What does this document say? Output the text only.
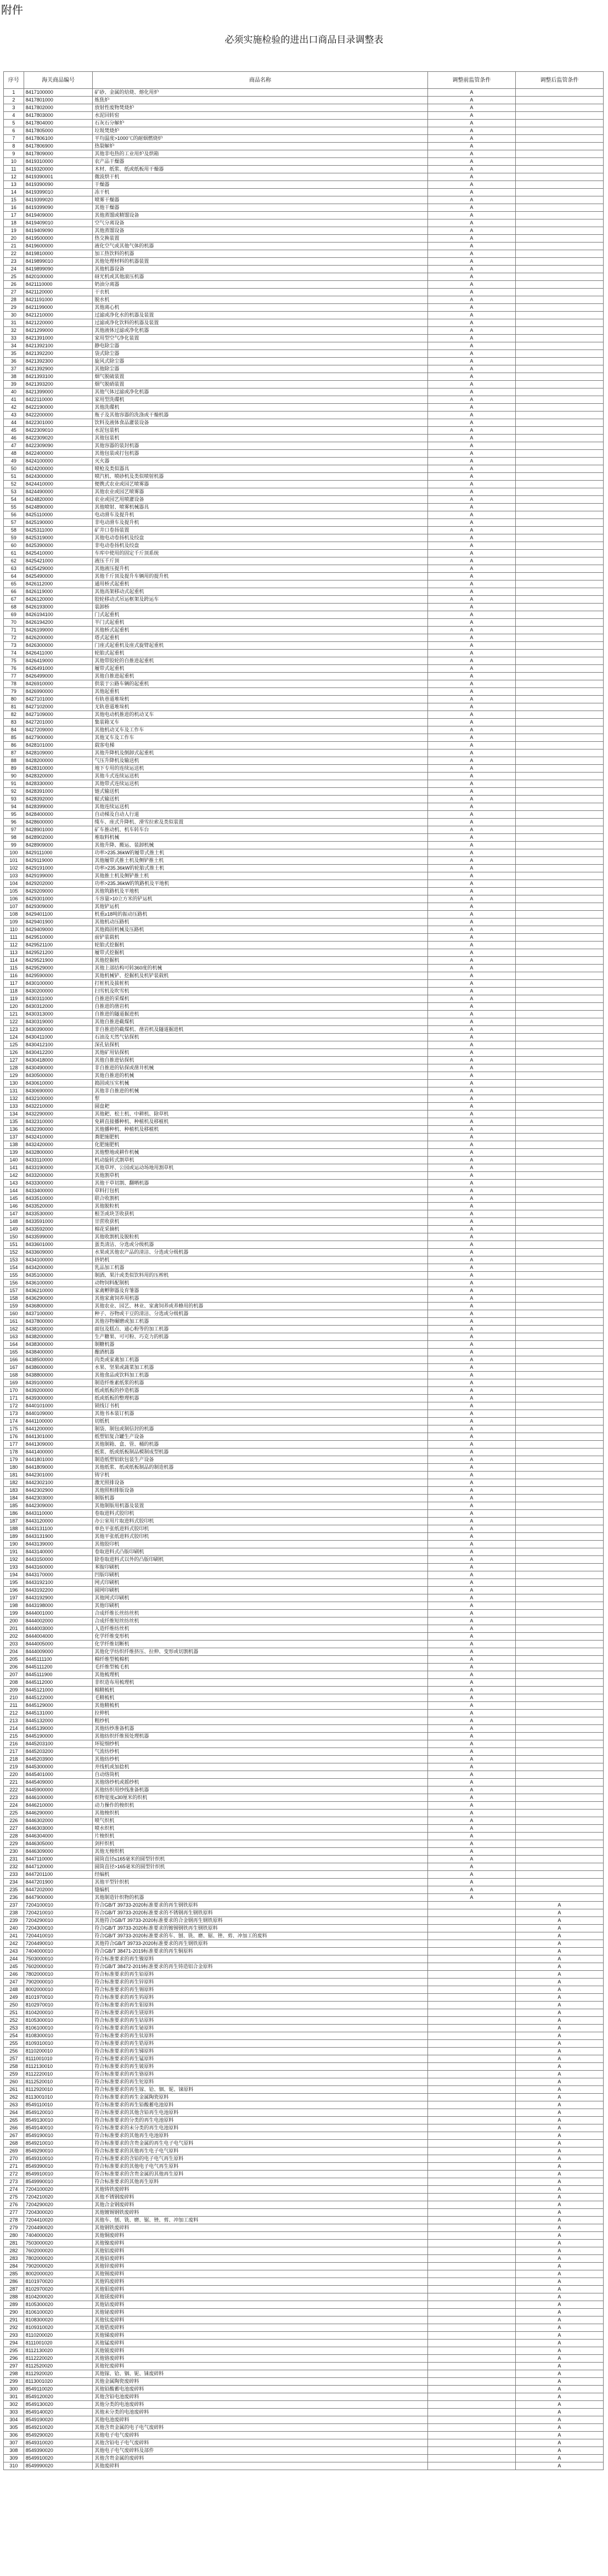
附件
必须实施检验的进出口商品目录调整表
序号	海关商品编号	商品名称	调整前监管条件	调整后监管条件
1	8417100000	矿砂、金属的焙烧、熔化用炉	A	
2	8417801000	炼焦炉	A	
3	8417802000	放射性废物焚烧炉	A	
4	8417803000	水泥回转窑	A	
5	8417804000	石灰石分解炉	A	
6	8417805000	垃圾焚烧炉	A	
7	8417806100	平均温度>1000℃的耐烟燃烧炉	A	
8	8417806900	热裂解炉	A	
9	8417809000	其他非电热的工业用炉及烘箱	A	
10	8419310000	农产品干燥器	A	
11	8419320000	木材、纸浆、纸或纸板用干燥器	A	
12	8419390001	微波烘干机	A	
13	8419390090	干燥器	A	
14	8419399010	冻干机	A	
15	8419399020	喷雾干燥器	A	
16	8419399090	其他干燥器	A	
17	8419409000	其他蒸馏或精馏设备	A	
18	8419409010	空气分离设备	A	
19	8419409090	其他蒸馏设备	A	
20	8419500000	热交换装置	A	
21	8419600000	液化空气或其他气体的机器	A	
22	8419810000	加工热饮料的机器	A	
23	8419899010	其他处理材料的机器装置	A	
24	8419899090	其他机器设备	A	
25	8420100000	砑光机或其他滚压机器	A	
26	8421110000	奶油分离器	A	
27	8421120000	干衣机	A	
28	8421191000	脱水机	A	
29	8421199000	其他离心机	A	
30	8421210000	过滤或净化水的机器及装置	A	
31	8421220000	过滤或净化饮料的机器及装置	A	
32	8421299000	其他液体过滤或净化机器	A	
33	8421391000	家用型空气净化装置	A	
34	8421392100	静电除尘器	A	
35	8421392200	袋式除尘器	A	
36	8421392300	旋风式除尘器	A	
37	8421392900	其他除尘器	A	
38	8421393100	烟气脱硫装置	A	
39	8421393200	烟气脱硝装置	A	
40	8421399000	其他气体过滤或净化机器	A	
41	8422110000	家用型洗碟机	A	
42	8422190000	其他洗碟机	A	
43	8422200000	瓶子及其他容器的洗涤或干燥机器	A	
44	8422301000	饮料及液体食品灌装设备	A	
45	8422309010	水泥包装机	A	
46	8422309020	其他包装机	A	
47	8422309090	其他容器的装封机器	A	
48	8422400000	其他包装或打包机器	A	
49	8424100000	灭火器	A	
50	8424200000	喷枪及类似器具	A	
51	8424300000	喷汽机、喷砂机及类似喷射机器	A	
52	8424410000	便携式农业或园艺喷雾器	A	
53	8424490000	其他农业或园艺喷雾器	A	
54	8424820000	农业或园艺用喷灌设备	A	
55	8424890000	其他喷射、喷雾机械器具	A	
56	8425110000	电动滑车及提升机	A	
57	8425190000	非电动滑车及提升机	A	
58	8425311000	矿井口卷扬装置	A	
59	8425319000	其他电动卷扬机及绞盘	A	
60	8425390000	非电动卷扬机及绞盘	A	
61	8425410000	车库中使用的固定千斤顶系统	A	
62	8425421000	液压千斤顶	A	
63	8425429000	其他液压提升机	A	
64	8425490000	其他千斤顶及提升车辆用的提升机	A	
65	8426112000	通用桥式起重机	A	
66	8426119000	其他高架移动式起重机	A	
67	8426120000	胶轮移动式吊运框架及跨运车	A	
68	8426193000	装卸桥	A	
69	8426194100	门式起重机	A	
70	8426194200	半门式起重机	A	
71	8426199000	其他桥式起重机	A	
72	8426200000	塔式起重机	A	
73	8426300000	门座式起重机及座式旋臂起重机	A	
74	8426411000	轮胎式起重机	A	
75	8426419000	其他带胶轮的自推进起重机	A	
76	8426491000	履带式起重机	A	
77	8426499000	其他自推进起重机	A	
78	8426910000	供装于公路车辆的起重机	A	
79	8426990000	其他起重机	A	
80	8427101000	有轨巷道堆垛机	A	
81	8427102000	无轨巷道堆垛机	A	
82	8427109000	其他电动机推进的机动叉车	A	
83	8427201000	集装箱叉车	A	
84	8427209000	其他机动叉车及工作车	A	
85	8427900000	其他叉车及工作车	A	
86	8428101000	载客电梯	A	
87	8428109000	其他升降机及倒卸式起重机	A	
88	8428200000	气压升降机及输送机	A	
89	8428310000	地下专用的连续运送机	A	
90	8428320000	其他斗式连续运送机	A	
91	8428330000	其他带式连续运送机	A	
92	8428391000	链式输送机	A	
93	8428392000	辊式输送机	A	
94	8428399000	其他连续运送机	A	
95	8428400000	自动梯及自动人行道	A	
96	8428600000	缆车、座式升降机、滑雪拉索及类似装置	A	
97	8428901000	矿车推动机、机车转车台	A	
98	8428902000	堆取料机械	A	
99	8428909000	其他升降、搬运、装卸机械	A	
100	8429111000	功率>235.36kW的履带式推土机	A	
101	8429119000	其他履带式推土机及侧铲推土机	A	
102	8429191000	功率>235.36kW的轮胎式推土机	A	
103	8429199000	其他推土机及侧铲推土机	A	
104	8429202000	功率>235.36kW的筑路机及平地机	A	
105	8429209000	其他筑路机及平地机	A	
106	8429301000	斗容量>10立方米的铲运机	A	
107	8429309000	其他铲运机	A	
108	8429401100	机重≥18吨的振动压路机	A	
109	8429401900	其他机动压路机	A	
110	8429409000	其他捣固机械及压路机	A	
111	8429510000	前铲装载机	A	
112	8429521100	轮胎式挖掘机	A	
113	8429521200	履带式挖掘机	A	
114	8429521900	其他挖掘机	A	
115	8429529000	其他上部结构可转360度的机械	A	
116	8429590000	其他机械铲、挖掘机及机铲装载机	A	
117	8430100000	打桩机及拔桩机	A	
118	8430200000	扫雪机及吹雪机	A	
119	8430311000	自推进的采煤机	A	
120	8430312000	自推进的凿岩机	A	
121	8430313000	自推进的隧道掘进机	A	
122	8430319000	其他自推进截煤机	A	
123	8430390000	非自推进的截煤机、凿岩机及隧道掘进机	A	
124	8430411000	石油及天然气钻探机	A	
125	8430412100	深孔钻探机	A	
126	8430412200	其他矿用钻探机	A	
127	8430418000	其他自推进钻探机	A	
128	8430490000	非自推进的钻探或凿井机械	A	
129	8430500000	其他自推进的机械	A	
130	8430610000	捣固或压实机械	A	
131	8430690000	其他非自推进的机械	A	
132	8432100000	犁	A	
133	8432210000	圆盘耙	A	
134	8432290000	其他耙、松土机、中耕机、除草机	A	
135	8432310000	免耕直接播种机、种植机及移植机	A	
136	8432390000	其他播种机、种植机及移植机	A	
137	8432410000	粪肥施肥机	A	
138	8432420000	化肥施肥机	A	
139	8432800000	其他整地或耕作机械	A	
140	8433110000	机动旋转式割草机	A	
141	8433190000	其他草坪、公园或运动场地用割草机	A	
142	8433200000	其他割草机	A	
143	8433300000	其他干草切割、翻晒机器	A	
144	8433400000	草料打包机	A	
145	8433510000	联合收割机	A	
146	8433520000	其他脱粒机	A	
147	8433530000	根茎或块茎收获机	A	
148	8433591000	甘蔗收获机	A	
149	8433592000	棉花采摘机	A	
150	8433599000	其他收割机及脱粒机	A	
151	8433601000	蛋类清洁、分选或分级机器	A	
152	8433609000	水果或其他农产品的清洁、分选或分级机器	A	
153	8434100000	挤奶机	A	
154	8434200000	乳品加工机器	A	
155	8435100000	制酒、果汁或类似饮料用的压榨机	A	
156	8436100000	动物饲料配制机	A	
157	8436210000	家禽孵卵器及育雏器	A	
158	8436290000	其他家禽饲养用机器	A	
159	8436800000	其他农业、园艺、林业、家禽饲养或养蜂用的机器	A	
160	8437100000	种子、谷物或干豆的清洁、分选或分级机器	A	
161	8437800000	其他谷物碾磨或加工机器	A	
162	8438100000	面包及糕点、通心粉等的加工机器	A	
163	8438200000	生产糖果、可可粉、巧克力的机器	A	
164	8438300000	制糖机器	A	
165	8438400000	酿酒机器	A	
166	8438500000	肉类或家禽加工机器	A	
167	8438600000	水果、坚果或蔬菜加工机器	A	
168	8438800000	其他食品或饮料加工机器	A	
169	8439100000	制造纤维素纸浆的机器	A	
170	8439200000	纸或纸板的抄造机器	A	
171	8439300000	纸或纸板的整理机器	A	
172	8440101000	锁线订书机	A	
173	8440109000	其他书本装订机器	A	
174	8441100000	切纸机	A	
175	8441200000	制袋、制包或制信封的机器	A	
176	8441301000	纸塑铝复合罐生产设备	A	
177	8441309000	其他制箱、盒、管、桶的机器	A	
178	8441400000	纸浆、纸或纸板制品模制成型机器	A	
179	8441801000	制造纸塑铝软包装生产设备	A	
180	8441809000	其他纸浆、纸或纸板制品的制造机器	A	
181	8442301000	铸字机	A	
182	8442302100	激光照排设备	A	
183	8442302900	其他照相排版设备	A	
184	8442303000	制版机器	A	
185	8442309000	其他制版用机器及装置	A	
186	8443110000	卷取进料式胶印机	A	
187	8443120000	办公室用片取进料式胶印机	A	
188	8443131100	单色平张纸进料式胶印机	A	
189	8443131900	其他平张纸进料式胶印机	A	
190	8443139000	其他胶印机	A	
191	8443140000	卷取进料式凸版印刷机	A	
192	8443150000	除卷取进料式以外的凸版印刷机	A	
193	8443160000	苯胺印刷机	A	
194	8443170000	凹版印刷机	A	
195	8443192100	网式印刷机	A	
196	8443192200	圆网印刷机	A	
197	8443192900	其他网式印刷机	A	
198	8443198000	其他印刷机	A	
199	8444001000	合成纤维长丝纺丝机	A	
200	8444002000	合成纤维短丝纺丝机	A	
201	8444003000	人造纤维纺丝机	A	
202	8444004000	化学纤维变形机	A	
203	8444005000	化学纤维切断机	A	
204	8444009000	其他化学纺织纤维挤压、拉伸、变形或切割机器	A	
205	8445111100	棉纤维型梳棉机	A	
206	8445111200	毛纤维型梳毛机	A	
207	8445111900	其他梳理机	A	
208	8445112000	非织造布用梳理机	A	
209	8445121000	棉精梳机	A	
210	8445122000	毛精梳机	A	
211	8445129000	其他精梳机	A	
212	8445131000	拉伸机	A	
213	8445132000	粗纱机	A	
214	8445139000	其他纺纱准备机器	A	
215	8445190000	其他纺织纤维预处理机器	A	
216	8445203100	环锭细纱机	A	
217	8445203200	气流纺纱机	A	
218	8445203900	其他纺纱机	A	
219	8445300000	并线机或加捻机	A	
220	8445401000	自动络筒机	A	
221	8445409000	其他络纱机或摇纱机	A	
222	8445900000	其他纺织用纱线准备机器	A	
223	8446100000	织物宽度≤30厘米的织机	A	
224	8446210000	动力操作的梭织机	A	
225	8446290000	其他梭织机	A	
226	8446302000	喷气织机	A	
227	8446303000	喷水织机	A	
228	8446304000	片梭织机	A	
229	8446305000	剑杆织机	A	
230	8446309000	其他无梭织机	A	
231	8447110000	圆筒直径≤165毫米的圆型针织机	A	
232	8447120000	圆筒直径>165毫米的圆型针织机	A	
233	8447201100	经编机	A	
234	8447201900	其他平型针织机	A	
235	8447202000	缝编机	A	
236	8447900000	其他制造针织物的机器	A	
237	7204100010	符合GB/T 39733-2020标准要求的再生钢铁原料		A
238	7204210010	符合GB/T 39733-2020标准要求的不锈钢再生钢铁原料		A
239	7204290010	其他符合GB/T 39733-2020标准要求的合金钢再生钢铁原料		A
240	7204300010	符合GB/T 39733-2020标准要求的镀锡钢铁再生钢铁原料		A
241	7204410010	符合GB/T 39733-2020标准要求的车、刨、铣、磨、锯、锉、剪、冲加工的废料		A
242	7204490010	其他符合GB/T 39733-2020标准要求的再生钢铁原料		A
243	7404000010	符合GB/T 38471-2019标准要求的再生铜原料		A
244	7503000010	符合标准要求的再生镍原料		A
245	7602000010	符合GB/T 38472-2019标准要求的再生铸造铝合金原料		A
246	7802000010	符合标准要求的再生铅原料		A
247	7902000010	符合标准要求的再生锌原料		A
248	8002000010	符合标准要求的再生锡原料		A
249	8101970010	符合标准要求的再生钨原料		A
250	8102970010	符合标准要求的再生钼原料		A
251	8104200010	符合标准要求的再生镁原料		A
252	8105300010	符合标准要求的再生钴原料		A
253	8106100010	符合标准要求的再生铋原料		A
254	8108300010	符合标准要求的再生钛原料		A
255	8109310010	符合标准要求的再生锆原料		A
256	8110200010	符合标准要求的再生锑原料		A
257	8111001010	符合标准要求的再生锰原料		A
258	8112130010	符合标准要求的再生铍原料		A
259	8112220010	符合标准要求的再生铬原料		A
260	8112520010	符合标准要求的再生铊原料		A
261	8112920010	符合标准要求的再生镓、铪、铟、铌、铼原料		A
262	8113001010	符合标准要求的再生金属陶瓷原料		A
263	8549110010	符合标准要求的再生铅酸蓄电池原料		A
264	8549120010	符合标准要求的其他含铅再生电池原料		A
265	8549130010	符合标准要求的分类的再生电池原料		A
266	8549140010	符合标准要求的未分类的再生电池原料		A
267	8549190010	符合标准要求的其他再生电池原料		A
268	8549210010	符合标准要求的含贵金属的再生电子电气原料		A
269	8549290010	符合标准要求的其他再生电子电气原料		A
270	8549310010	符合标准要求的含铅的电子电气再生原料		A
271	8549390010	符合标准要求的其他电子电气再生原料		A
272	8549910010	符合标准要求的含贵金属的其他再生原料		A
273	8549990010	符合标准要求的其他再生原料		A
274	7204100020	其他铸铁废碎料		A
275	7204210020	其他不锈钢废碎料		A
276	7204290020	其他合金钢废碎料		A
277	7204300020	其他镀锡钢铁废碎料		A
278	7204410020	其他车、刨、铣、磨、锯、锉、剪、冲加工废料		A
279	7204490020	其他钢铁废碎料		A
280	7404000020	其他铜废碎料		A
281	7503000020	其他镍废碎料		A
282	7602000020	其他铝废碎料		A
283	7802000020	其他铅废碎料		A
284	7902000020	其他锌废碎料		A
285	8002000020	其他锡废碎料		A
286	8101970020	其他钨废碎料		A
287	8102970020	其他钼废碎料		A
288	8104200020	其他镁废碎料		A
289	8105300020	其他钴废碎料		A
290	8106100020	其他铋废碎料		A
291	8108300020	其他钛废碎料		A
292	8109310020	其他锆废碎料		A
293	8110200020	其他锑废碎料		A
294	8111001020	其他锰废碎料		A
295	8112130020	其他铍废碎料		A
296	8112220020	其他铬废碎料		A
297	8112520020	其他铊废碎料		A
298	8112920020	其他镓、铪、铟、铌、铼废碎料		A
299	8113001020	其他金属陶瓷废碎料		A
300	8549110020	其他铅酸蓄电池废碎料		A
301	8549120020	其他含铅电池废碎料		A
302	8549130020	其他分类的电池废碎料		A
303	8549140020	其他未分类的电池废碎料		A
304	8549190020	其他电池废碎料		A
305	8549210020	其他含贵金属的电子电气废碎料		A
306	8549290020	其他电子电气废碎料		A
307	8549310020	其他含铅电子电气废碎料		A
308	8549390020	其他电子电气废碎料及部件		A
309	8549910020	其他含贵金属的废碎料		A
310	8549990020	其他废碎料		A
